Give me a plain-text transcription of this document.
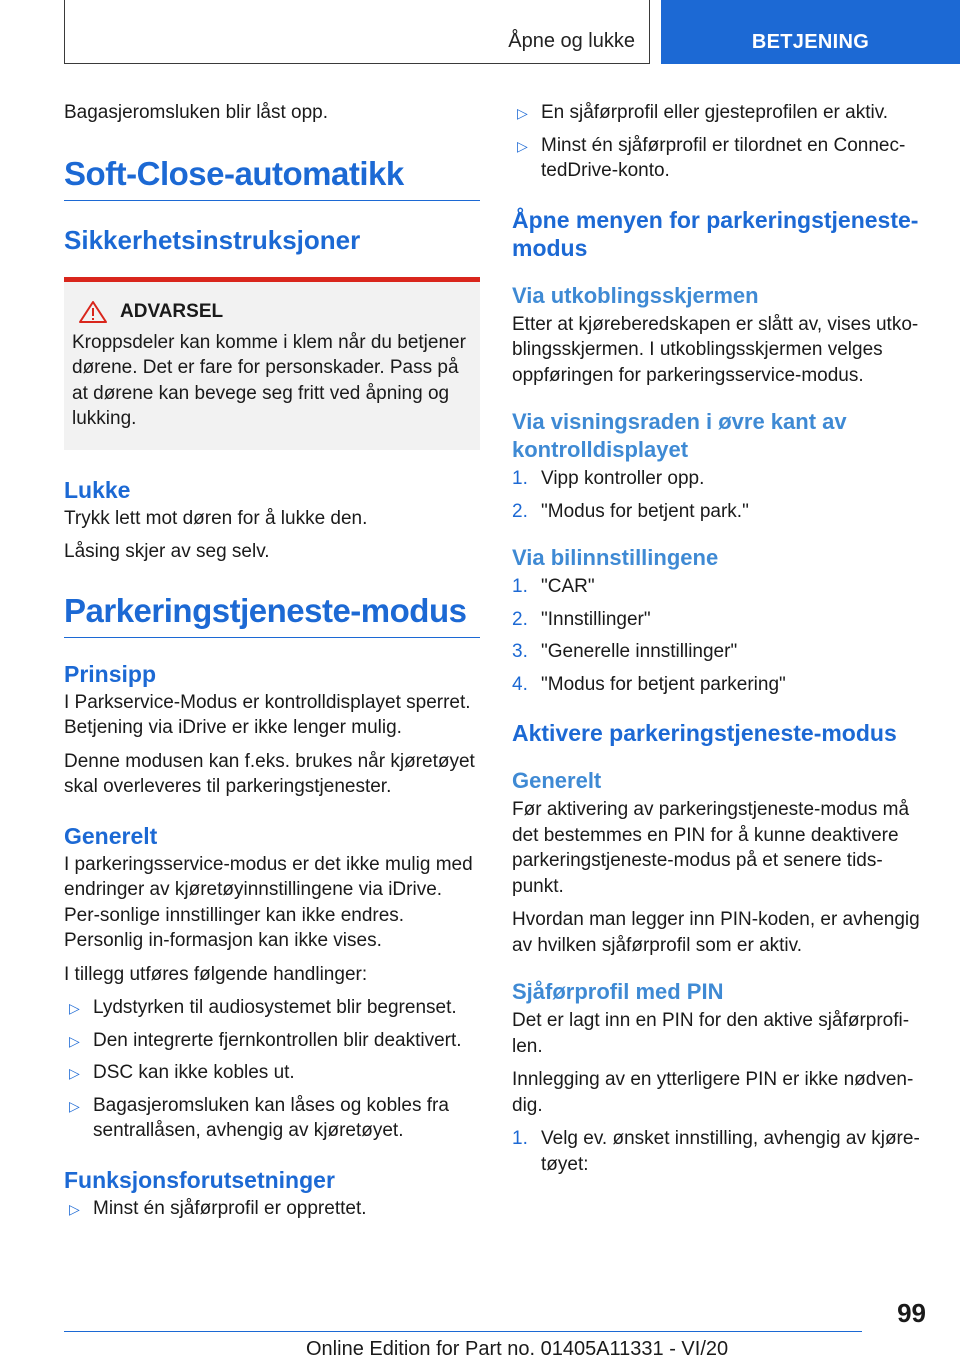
Åpne og lukke	BETJENING

Bagasjeromsluken blir låst opp.

Soft-Close-automatikk
Sikkerhetsinstruksjoner
ADVARSEL

Kroppsdeler kan komme i klem når du betjener dørene. Det er fare for personskader. Pass på at dørene kan bevege seg fritt ved åpning og lukking.

Lukke

Trykk lett mot døren for å lukke den.

Låsing skjer av seg selv.

Parkeringstjeneste-modus
Prinsipp

I Parkservice-Modus er kontrolldisplayet sperret. Betjening via iDrive er ikke lenger mulig.

Denne modusen kan f.eks. brukes når kjøretøyet skal overleveres til parkeringstjenester.

Generelt

I parkeringsservice-modus er det ikke mulig med endringer av kjøretøyinnstillingene via iDrive. Per-sonlige innstillinger kan ikke endres. Personlig in-formasjon kan ikke vises.

I tillegg utføres følgende handlinger:

▷ Lydstyrken til audiosystemet blir begrenset.
▷ Den integrerte fjernkontrollen blir deaktivert.
▷ DSC kan ikke kobles ut.
▷ Bagasjeromsluken kan låses og kobles fra sentrallåsen, avhengig av kjøretøyet.
Funksjonsforutsetninger
▷ Minst én sjåførprofil er opprettet.
▷ En sjåførprofil eller gjesteprofilen er aktiv.
▷ Minst én sjåførprofil er tilordnet en Connec-tedDrive-konto.
Åpne menyen for parkeringstjeneste-modus
Via utkoblingsskjermen

Etter at kjøreberedskapen er slått av, vises utko-blingsskjermen. I utkoblingsskjermen velges oppføringen for parkeringsservice-modus.

Via visningsraden i øvre kant av kontrolldisplayet
1. Vipp kontroller opp.
2. "Modus for betjent park."
Via bilinnstillingene
1. "CAR"
2. "Innstillinger"
3. "Generelle innstillinger"
4. "Modus for betjent parkering"
Aktivere parkeringstjeneste-modus
Generelt

Før aktivering av parkeringstjeneste-modus må det bestemmes en PIN for å kunne deaktivere parkeringstjeneste-modus på et senere tids-punkt.

Hvordan man legger inn PIN-koden, er avhengig av hvilken sjåførprofil som er aktiv.

Sjåførprofil med PIN

Det er lagt inn en PIN for den aktive sjåførprofi-len.

Innlegging av en ytterligere PIN er ikke nødven-dig.

1. Velg ev. ønsket innstilling, avhengig av kjøre-tøyet:
99
Online Edition for Part no. 01405A11331 - VI/20
